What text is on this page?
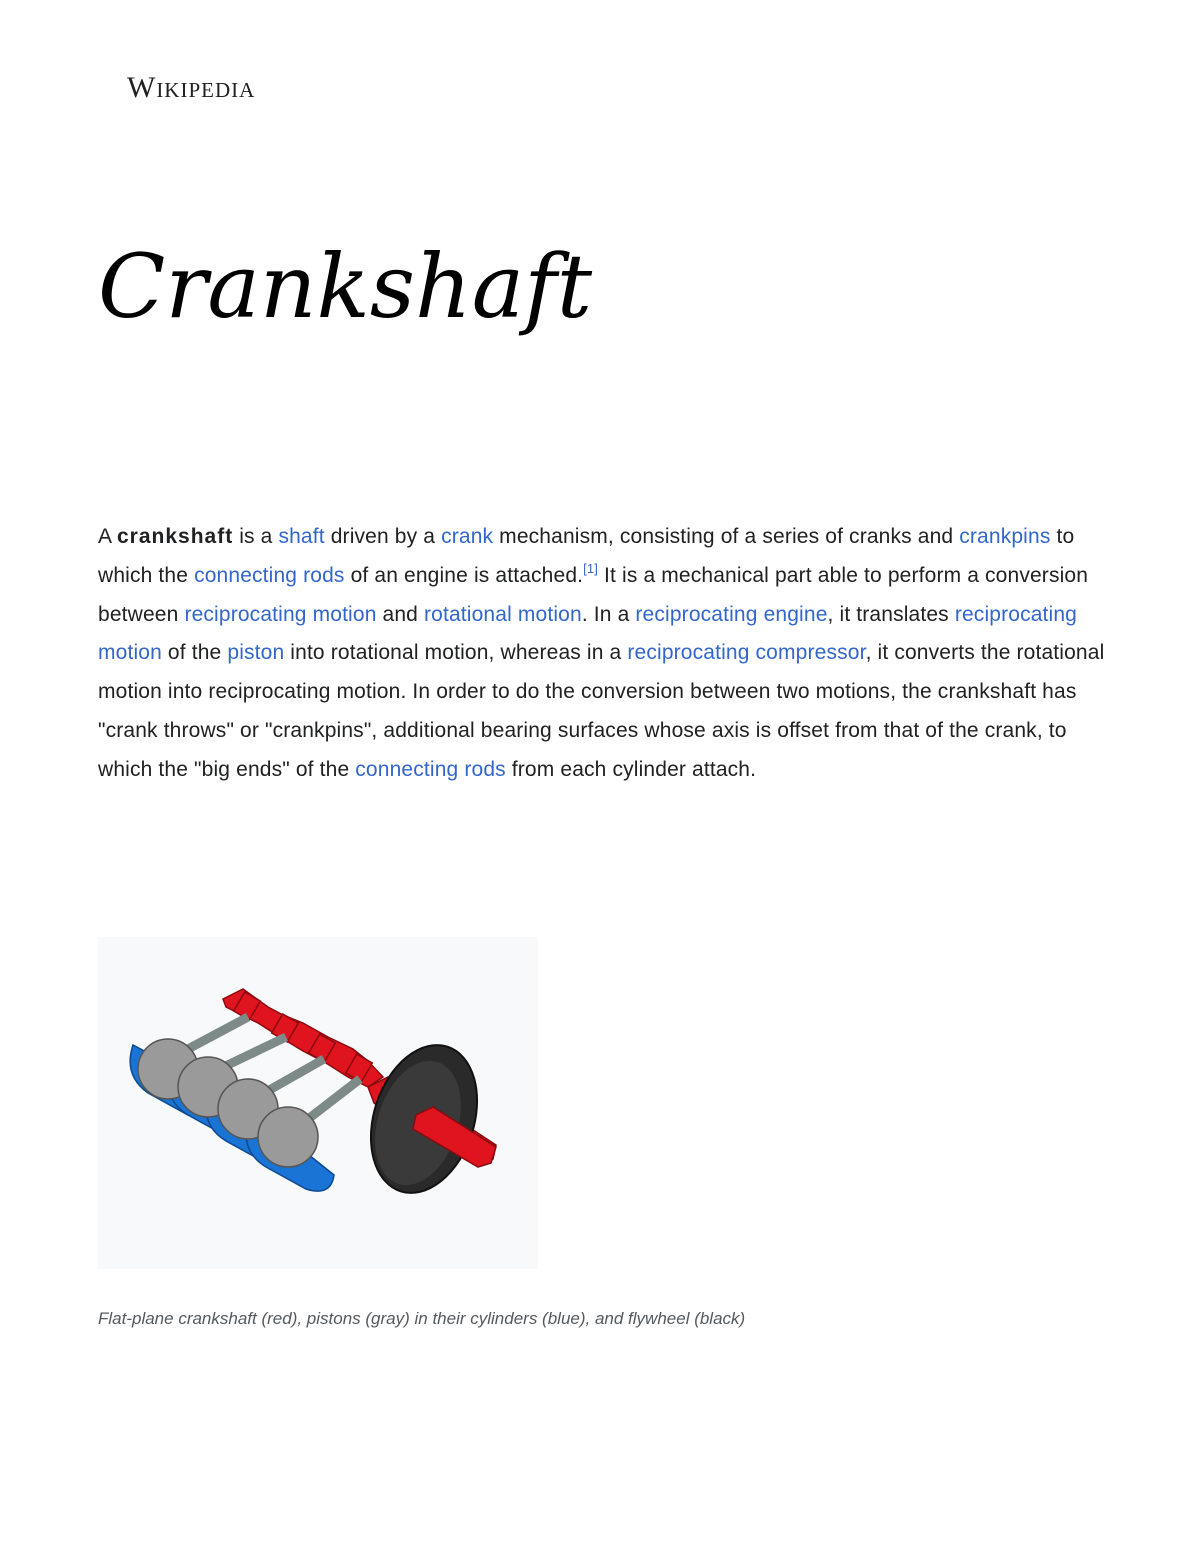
Wikipedia
Crankshaft

A crankshaft is a shaft driven by a crank mechanism, consisting of a series of cranks and crankpins to which the connecting rods of an engine is attached.[1] It is a mechanical part able to perform a conversion between reciprocating motion and rotational motion. In a reciprocating engine, it translates reciprocating motion of the piston into rotational motion, whereas in a reciprocating compressor, it converts the rotational motion into reciprocating motion. In order to do the conversion between two motions, the crankshaft has "crank throws" or "crankpins", additional bearing surfaces whose axis is offset from that of the crank, to which the "big ends" of the connecting rods from each cylinder attach.

Flat-plane crankshaft (red), pistons (gray) in their cylinders (blue), and flywheel (black)
